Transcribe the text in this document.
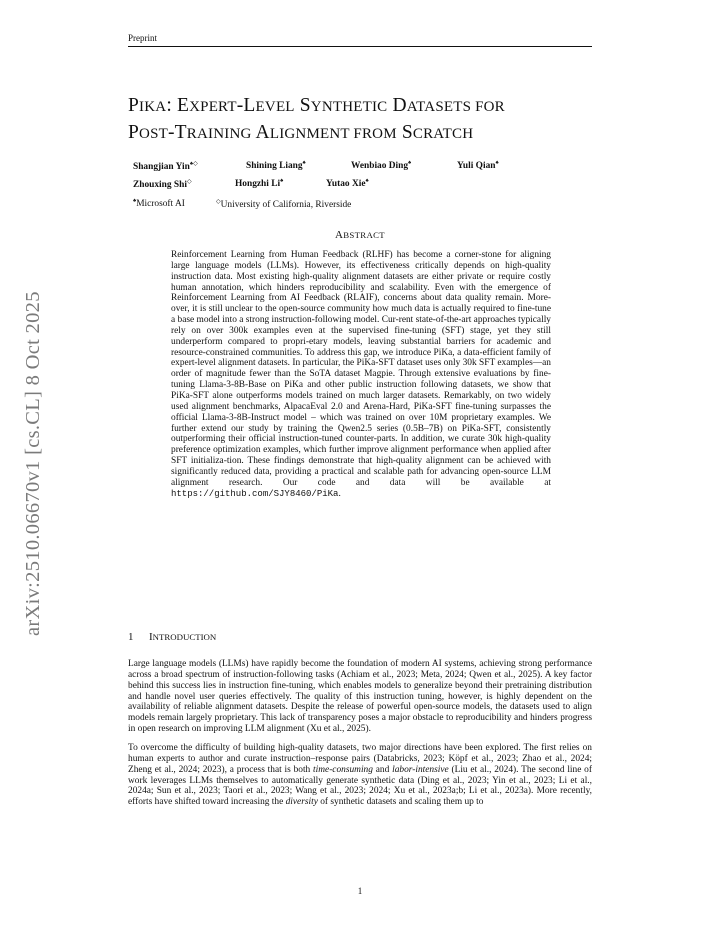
Preprint
PIKA: EXPERT-LEVEL SYNTHETIC DATASETS FOR
POST-TRAINING ALIGNMENT FROM SCRATCH
Shangjian Yin♠◇	Shining Liang♠	Wenbiao Ding♠	Yuli Qian♠
Zhouxing Shi◇	Hongzhi Li♠	Yutao Xie♠
♠Microsoft AI	◇University of California, Riverside
ABSTRACT
Reinforcement Learning from Human Feedback (RLHF) has become a corner-stone for aligning large language models (LLMs). However, its effectiveness critically depends on high-quality instruction data. Most existing high-quality alignment datasets are either private or require costly human annotation, which hinders reproducibility and scalability. Even with the emergence of Reinforcement Learning from AI Feedback (RLAIF), concerns about data quality remain. More-over, it is still unclear to the open-source community how much data is actually required to fine-tune a base model into a strong instruction-following model. Cur-rent state-of-the-art approaches typically rely on over 300k examples even at the supervised fine-tuning (SFT) stage, yet they still underperform compared to propri-etary models, leaving substantial barriers for academic and resource-constrained communities. To address this gap, we introduce PiKa, a data-efficient family of expert-level alignment datasets. In particular, the PiKa-SFT dataset uses only 30k SFT examples—an order of magnitude fewer than the SoTA dataset Magpie. Through extensive evaluations by fine-tuning Llama-3-8B-Base on PiKa and other public instruction following datasets, we show that PiKa-SFT alone outperforms models trained on much larger datasets. Remarkably, on two widely used alignment benchmarks, AlpacaEval 2.0 and Arena-Hard, PiKa-SFT fine-tuning surpasses the official Llama-3-8B-Instruct model – which was trained on over 10M proprietary examples. We further extend our study by training the Qwen2.5 series (0.5B–7B) on PiKa-SFT, consistently outperforming their official instruction-tuned counter-parts. In addition, we curate 30k high-quality preference optimization examples, which further improve alignment performance when applied after SFT initializa-tion. These findings demonstrate that high-quality alignment can be achieved with significantly reduced data, providing a practical and scalable path for advancing open-source LLM alignment research. Our code and data will be available at https://github.com/SJY8460/PiKa.
arXiv:2510.06670v1 [cs.CL] 8 Oct 2025
1 INTRODUCTION
Large language models (LLMs) have rapidly become the foundation of modern AI systems, achieving strong performance across a broad spectrum of instruction-following tasks (Achiam et al., 2023; Meta, 2024; Qwen et al., 2025). A key factor behind this success lies in instruction fine-tuning, which enables models to generalize beyond their pretraining distribution and handle novel user queries effectively. The quality of this instruction tuning, however, is highly dependent on the availability of reliable alignment datasets. Despite the release of powerful open-source models, the datasets used to align models remain largely proprietary. This lack of transparency poses a major obstacle to reproducibility and hinders progress in open research on improving LLM alignment (Xu et al., 2025).
To overcome the difficulty of building high-quality datasets, two major directions have been explored. The first relies on human experts to author and curate instruction–response pairs (Databricks, 2023; Köpf et al., 2023; Zhao et al., 2024; Zheng et al., 2024; 2023), a process that is both time-consuming and labor-intensive (Liu et al., 2024). The second line of work leverages LLMs themselves to automatically generate synthetic data (Ding et al., 2023; Yin et al., 2023; Li et al., 2024a; Sun et al., 2023; Taori et al., 2023; Wang et al., 2023; 2024; Xu et al., 2023a;b; Li et al., 2023a). More recently, efforts have shifted toward increasing the diversity of synthetic datasets and scaling them up to
1
